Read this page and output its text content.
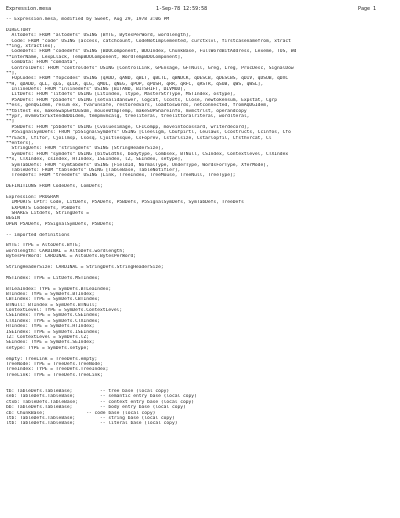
Expression.mesa	1-Sep-78 12:59:58	Page 1
-- Expression.mesa, modified by Sweet, Aug 29, 1978 3:06 PM
DIRECTORY
AltoDefs: FROM "altodefs" USING [BYTE, BytesPerWord, wordlength],
Code: FROM "code" USING [access, catchcount, CodeNotImplemented, curctxlvl, firstcasenamefrom, xtract
**ing, xtractlex],
CodeDefs: FROM "codedefs" USING [BDOComponent, BDOIndex, ChunkBase, FullWordBitAddress, Lexeme, TOS, Wd
**InterName, LexpLlack, TempBDOComponent, WordTempBDOComponent],
ComData: FROM "comdata",
ControlDefs: FROM "controldefs" USING [ControlLink, GPEnsage, GFTNull, Greg, Lreg, ProcDesc, SignalDow
**],
FOpCodes: FROM "fopcodes" USING [qADD, qAND, qBLT, qBLTL, qBNDCK, qDESCB, qDESCBS, qDIV, qDSUB, qDXC
**H, qDADD, qLL, qLG, qLLK, qLG, qMUL, qNEG, qPOP, qPUSH, qRR, qRFC, qRSTR, qSUB, qWS, qWSL],
InlineDefs: FROM "inlinedefs" USING [BITAND, BITSHIFT, DIVMOD],
LitDefs: FROM "litdefs" USING [LitIndex, ltype, MasterStrType, MSTIndex, ostype],
P5ADefs: FROM "p5adefs" USING [setvalidanswer, logcat, lcosts, Close, newtokensum, Expstat, Cgrp
**ess, genQGIdem, resum ex, fvarunsafe, restoredvars, loadtoswords, netconnected, fromAQDGIdem,
**tbltest ex, makeSwapGetDuSUm, mouse0tmpTemp, makeSUPShareInfo, mvmctrlst, operandcopy
**ypr, mvmnGtxrExtendBDOIdem, tempmvmcalg, treeliteral, treelittoralriteral, wordlteral,
**]
P5BDefs: FROM "p5bdefs" USING [Cvaluesimage, CFICompp, moveintocossard, writerdecord],
P5SignalSymDefs: FROM "p5SignalSymDefs" USING [Cleeligm, Cbufpirtl, Ceulaws, Ccostructs, Ccinfos, Cfo
**rEach, Cfifor, Cjoilmsp, Csosq, Cjoitlesque, CsFoprev, Cstarlsize, Cstarlopfil, Cfsthvrcat, Cl
**enters],
StringDefs: FROM "stringdefs" USING [StringHeaderSize],
SymDefs: FROM "symdefs" USING [bitwidths, bodytype, Combsex, BTNull, CSIndex, Contextlevel, CTXIndex
**x, CTXIndex, csIndex, HTIndex, ISEIndex, lZ, SEIndex, setype],
SymTabDefs: FROM "symtabdefs" USING [FieldId, NormalType, UnderType, WordsForType, XferMode],
TableDefs: FROM "tabledefs" USING [TableBase, TableNotifier],
TreeDefs: FROM "treedefs" USING [Link, TreeIndex, TreeMouse, TreeNull, TreeType];
DEFINITIONS FROM CodeDefs, ComDefs;
Expression: PROGRAM
IMPORTS CPtr: Code, LitDefs, P5ADefs, P5BDefs, P5SignalSymDefs, SymTabDefs, TreeDefs
EXPORTS CodeDefs, P5BDefs
SHARES Litdefs, StringDefs =
BEGIN
OPEN P5ADefs, P5SignalSymDefs, P5BDefs;
-- imported definitions
BYTE: TYPE = AltoDefs.BYTE;
wordlength: CARDINAL = AltoDefs.wordlength;
BytesPerWord: CARDINAL = AltoDefs.BytesPerWord;
StringHeaderSize: CARDINAL = StringDefs.StringHeaderSize;
MSTIndex: TYPE = LitDefs.MSTIndex;
BTLeaIndex: TYPE = SymDefs.BTLeaIndex;
BTIndex: TYPE = SymDefs.BTIndex;
CBTIndex: TYPE = SymDefs.CBTIndex;
BTNull: BTIndex = SymDefs.BTNull;
ContextLevel: TYPE = SymDefs.ContextLevel;
CSEIndex: TYPE = SymDefs.CSEIndex;
CTXIndex: TYPE = SymDefs.CTXIndex;
HTIndex: TYPE = SymDefs.HTIndex;
ISEIndex: TYPE = SymDefs.ISEIndex;
lZ: ContextLevel = SymDefs.lZ;
SEIndex: TYPE = SymDefs.SEIndex;
setype: TYPE = SymDefs.setype;
empty: TreeLink = TreeDefs.empty;
TreeNode: TYPE = TreeDefs.TreeNode;
TreeIndex: TYPE = TreeDefs.TreeIndex;
TreeLink: TYPE = TreeDefs.TreeLink;
tb: TableDefs.TableBase;          -- tree base (local copy)
seb: TableDefs.TableBase;         -- semantic entry base (local copy)
ctxb: TableDefs.TableBase;        -- context entry base (local copy)
bb: TableDefs.TableBase;          -- body entry base (local copy)
cb: ChunkBase;               -- code base (local copy)
ltb: TableDefs.TableBase;         -- string base (local copy)
ltb: TableDefs.TableBase;         -- literal base (local copy)
